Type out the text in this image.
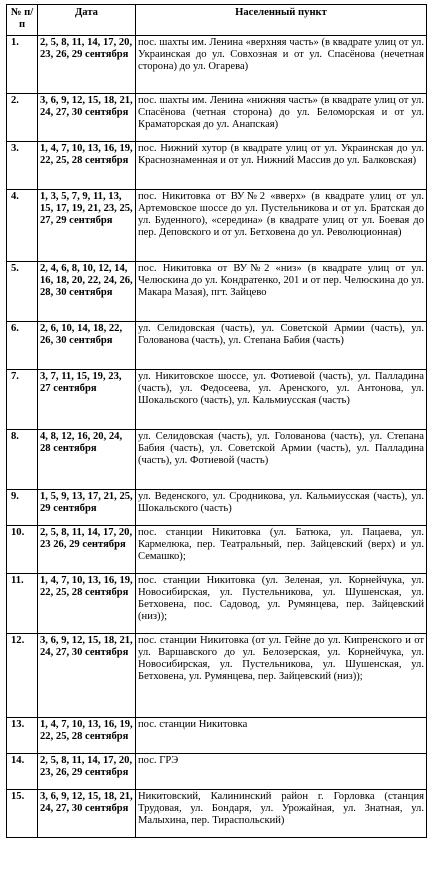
№ п/п	Дата	Населенный пункт
1.	2, 5, 8, 11, 14, 17, 20, 23, 26, 29 сентября	пос. шахты им. Ленина «верхняя часть» (в квадрате улиц от ул. Украинская до ул. Совхозная и от ул. Спасёнова (нечетная сторона) до ул. Огарева)
2.	3, 6, 9, 12, 15, 18, 21, 24, 27, 30 сентября	пос. шахты им. Ленина «нижняя часть» (в квадрате улиц от ул. Спасёнова (четная сторона) до ул. Беломорская и от ул. Краматорская до ул. Анапская)
3.	1, 4, 7, 10, 13, 16, 19, 22, 25, 28 сентября	пос. Нижний хутор (в квадрате улиц от ул. Украинская до ул. Краснознаменная и от ул. Нижний Массив до ул. Балковская)
4.	1, 3, 5, 7, 9, 11, 13, 15, 17, 19, 21, 23, 25, 27, 29 сентября	пос. Никитовка от ВУ№2 «вверх» (в квадрате улиц от ул. Артемовское шоссе до ул. Пустельникова и от ул. Братская до ул. Буденного), «середина» (в квадрате улиц от ул. Боевая до пер. Деповского и от ул. Бетховена до ул. Революционная)
5.	2, 4, 6, 8, 10, 12, 14, 16, 18, 20, 22, 24, 26, 28, 30 сентября	пос. Никитовка от ВУ№2 «низ» (в квадрате улиц от ул. Челюскина до ул. Кондратенко, 201 и от пер. Челюскина до ул. Макара Мазая), пгт. Зайцево
6.	2, 6, 10, 14, 18, 22, 26, 30 сентября	ул. Селидовская (часть), ул. Советской Армии (часть), ул. Голованова (часть), ул. Степана Бабия (часть)
7.	3, 7, 11, 15, 19, 23, 27 сентября	ул. Никитовское шоссе, ул. Фотиевой (часть), ул. Палладина (часть), ул. Федосеева, ул. Аренского, ул. Антонова, ул. Шокальского (часть), ул. Кальмиусская (часть)
8.	4, 8, 12, 16, 20, 24, 28 сентября	ул. Селидовская (часть), ул. Голованова (часть), ул. Степана Бабия (часть), ул. Советской Армии (часть), ул. Палладина (часть), ул. Фотиевой (часть)
9.	1, 5, 9, 13, 17, 21, 25, 29 сентября	ул. Веденского, ул. Сродникова, ул. Кальмиусская (часть), ул. Шокальского (часть)
10.	2, 5, 8, 11, 14, 17, 20, 23 26, 29 сентября	пос. станции Никитовка (ул. Батюка, ул. Пацаева, ул. Кармелюка, пер. Театральный, пер. Зайцевский (верх) и ул. Семашко);
11.	1, 4, 7, 10, 13, 16, 19, 22, 25, 28 сентября	пос. станции Никитовка (ул. Зеленая, ул. Корнейчука, ул. Новосибирская, ул. Пустельникова, ул. Шушенская, ул. Бетховена, пос. Садовод, ул. Румянцева, пер. Зайцевский (низ));
12.	3, 6, 9, 12, 15, 18, 21, 24, 27, 30 сентября	пос. станции Никитовка (от ул. Гейне до ул. Кипренского и от ул. Варшавского до ул. Белозерская, ул. Корнейчука, ул. Новосибирская, ул. Пустельникова, ул. Шушенская, ул. Бетховена, ул. Румянцева, пер. Зайцевский (низ));
13.	1, 4, 7, 10, 13, 16, 19, 22, 25, 28 сентября	пос. станции Никитовка
14.	2, 5, 8, 11, 14, 17, 20, 23, 26, 29 сентября	пос. ГРЭ
15.	3, 6, 9, 12, 15, 18, 21, 24, 27, 30 сентября	Никитовский, Калининский район г. Горловка (станция Трудовая, ул. Бондаря, ул. Урожайная, ул. Знатная, ул. Малыхина, пер. Тираспольский)
